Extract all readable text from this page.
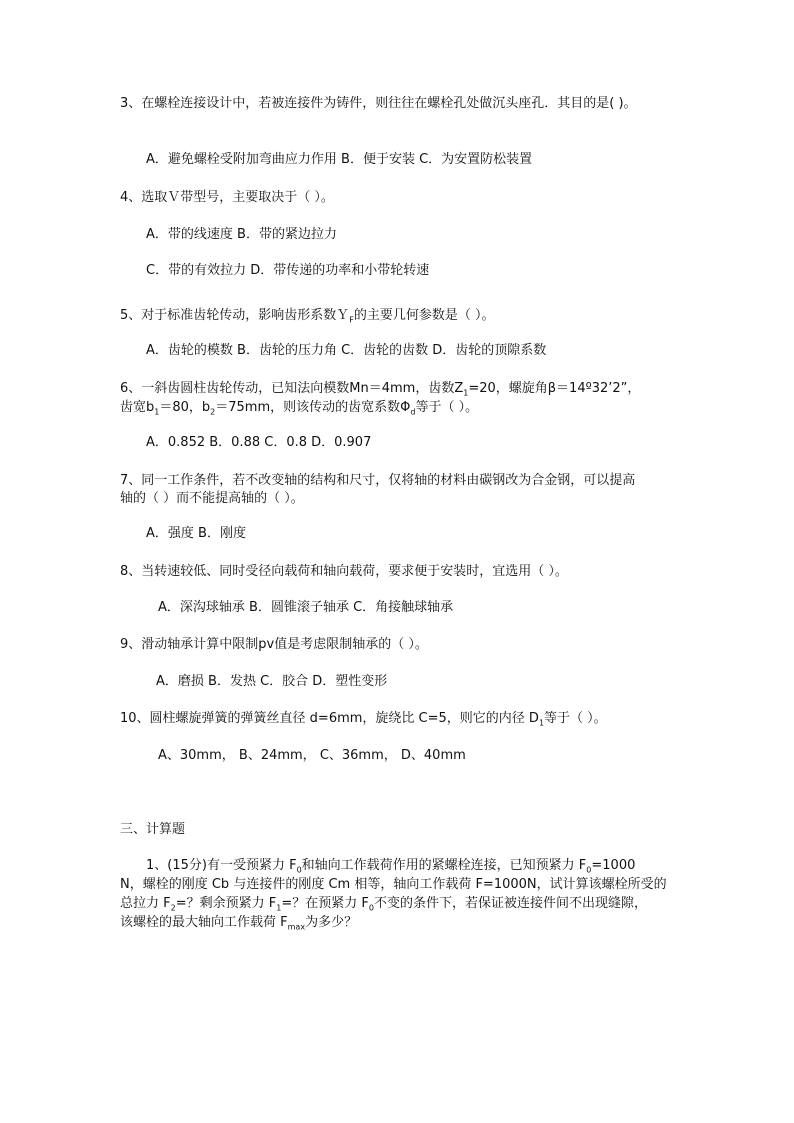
3、在螺栓连接设计中，若被连接件为铸件，则往往在螺栓孔处做沉头座孔．其目的是( )。
A．避免螺栓受附加弯曲应力作用 B．便于安装 C．为安置防松装置
4、选取Ｖ带型号，主要取决于（ ）。
A．带的线速度 B．带的紧边拉力
C．带的有效拉力 D．带传递的功率和小带轮转速
5、对于标准齿轮传动，影响齿形系数Ｙ$_F$的主要几何参数是（ ）。
A．齿轮的模数 B．齿轮的压力角 C．齿轮的齿数 D．齿轮的顶隙系数
6、一斜齿圆柱齿轮传动，已知法向模数Mn＝4mm，齿数$Z_1=20$，螺旋角β＝14º32’2”，
齿宽$b_1=80$，$b_2=75mm$，则该传动的齿宽系数$\Phi_d$等于（ ）。
A．0.852 B．0.88 C．0.8 D．0.907
7、同一工作条件，若不改变轴的结构和尺寸，仅将轴的材料由碳钢改为合金钢，可以提高
轴的（ ）而不能提高轴的（ ）。
A．强度 B．刚度
8、当转速较低、同时受径向载荷和轴向载荷，要求便于安装时，宜选用（ ）。
A．深沟球轴承 B．圆锥滚子轴承 C．角接触球轴承
9、滑动轴承计算中限制pv值是考虑限制轴承的（ ）。
A．磨损 B．发热 C．胶合 D．塑性变形
10、圆柱螺旋弹簧的弹簧丝直径 d=6mm，旋绕比 C=5，则它的内径 $D_1$等于（ ）。
A、30mm， B、24mm， C、36mm， D、40mm
三、计算题
1、(15分)有一受预紧力 $F_0$和轴向工作载荷作用的紧螺栓连接，已知预紧力 $F_0=1000$
N，螺栓的刚度 Cb 与连接件的刚度 Cm 相等，轴向工作载荷 F=1000N，试计算该螺栓所受的
总拉力 $F_2=$？剩余预紧力 $F_1=$？在预紧力 $F_0$不变的条件下，若保证被连接件间不出现缝隙，
该螺栓的最大轴向工作载荷 $F_{max}$为多少？
